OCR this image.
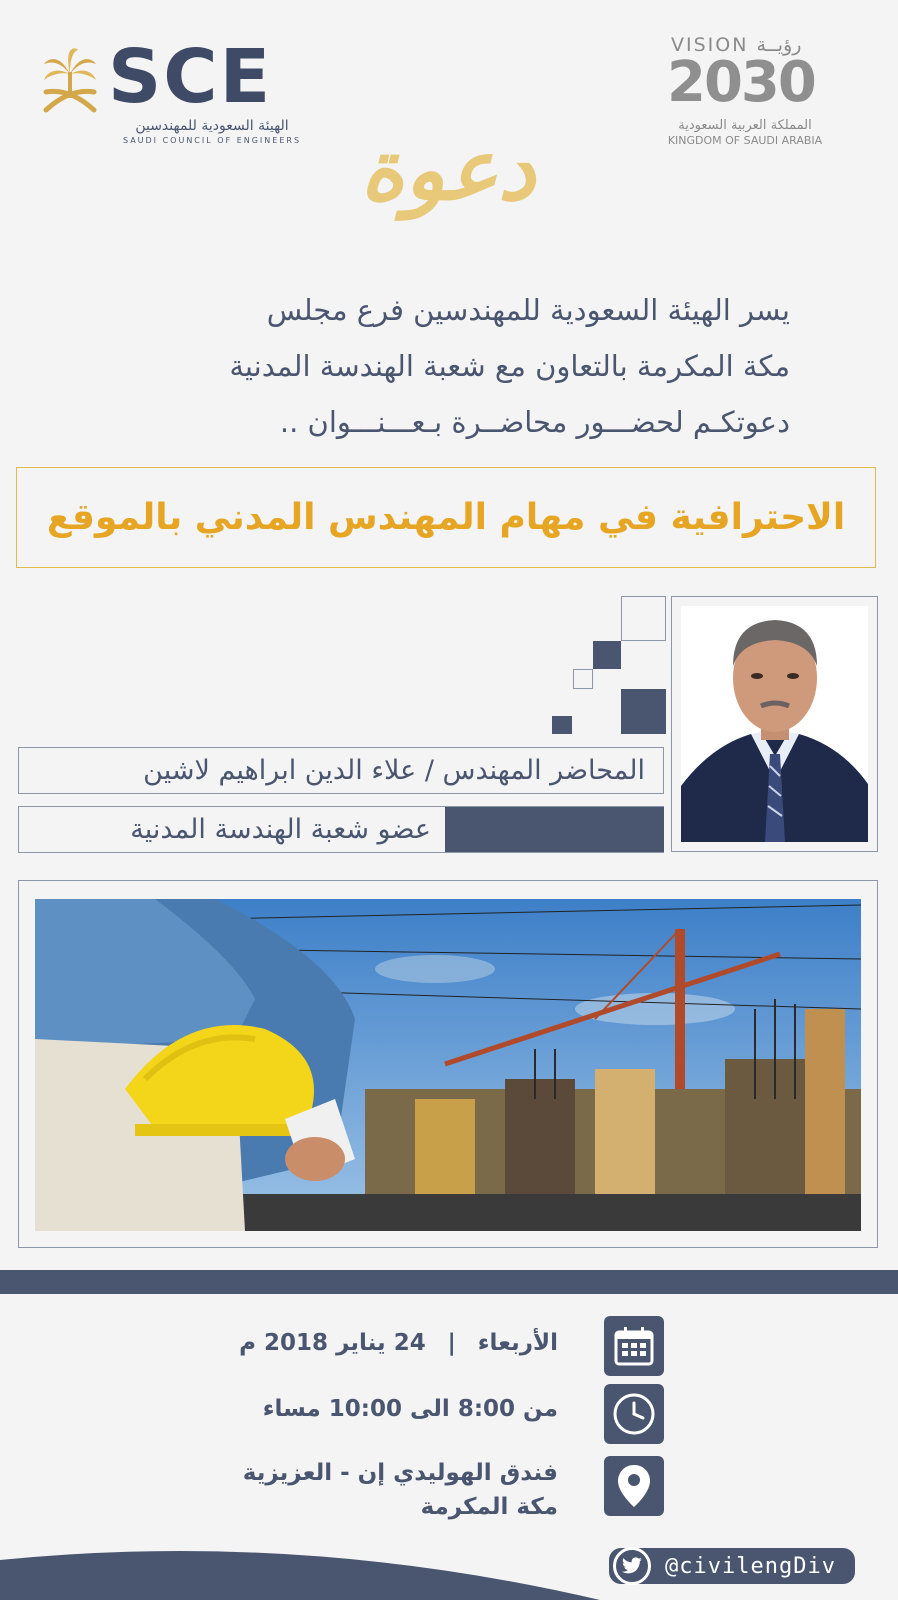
SCE
الهيئة السعودية للمهندسين
SAUDI COUNCIL OF ENGINEERS
VISION رؤيــة
2030
المملكة العربية السعودية
KINGDOM OF SAUDI ARABIA
دعوة
يسر الهيئة السعودية للمهندسين فرع مجلس
مكة المكرمة بالتعاون مع شعبة الهندسة المدنية
دعوتكـم لحضـــور محاضــرة بـعـــنـــوان ..
الاحترافية في مهام المهندس المدني بالموقع
المحاضر المهندس / علاء الدين ابراهيم لاشين
عضو شعبة الهندسة المدنية
الأربعاء | 24 يناير 2018 م
من 8:00 الى 10:00 مساء
فندق الهوليدي إن - العزيزية
مكة المكرمة
@civilengDiv
